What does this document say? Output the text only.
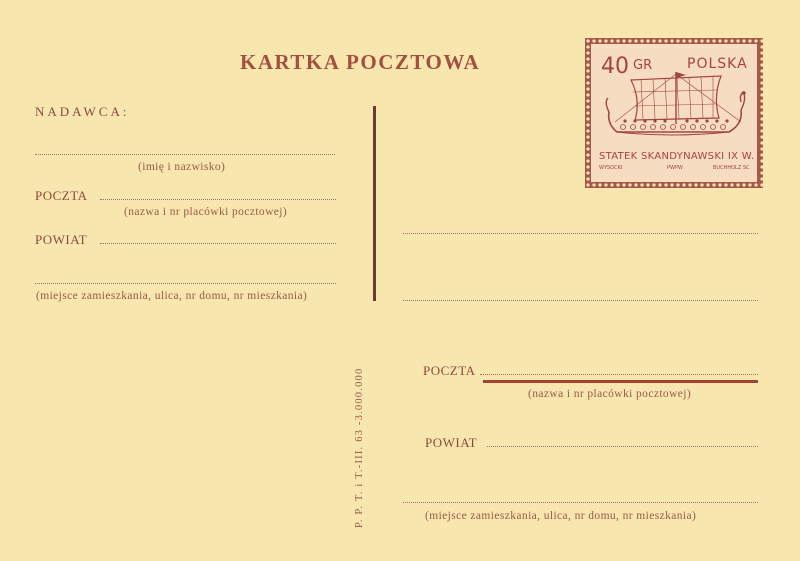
KARTKA POCZTOWA
NADAWCA:
(imię i nazwisko)
POCZTA
(nazwa i nr placówki pocztowej)
POWIAT
(miejsce zamieszkania, ulica, nr domu, nr mieszkania)
P. P. T. i T.-III. 63 -3.000.000
40 GR POLSKA
STATEK SKANDYNAWSKI IX W.
WYSOCKI	PWPW	BUCHHOLZ SC
POCZTA
(nazwa i nr placówki pocztowej)
POWIAT
(miejsce zamieszkania, ulica, nr domu, nr mieszkania)
